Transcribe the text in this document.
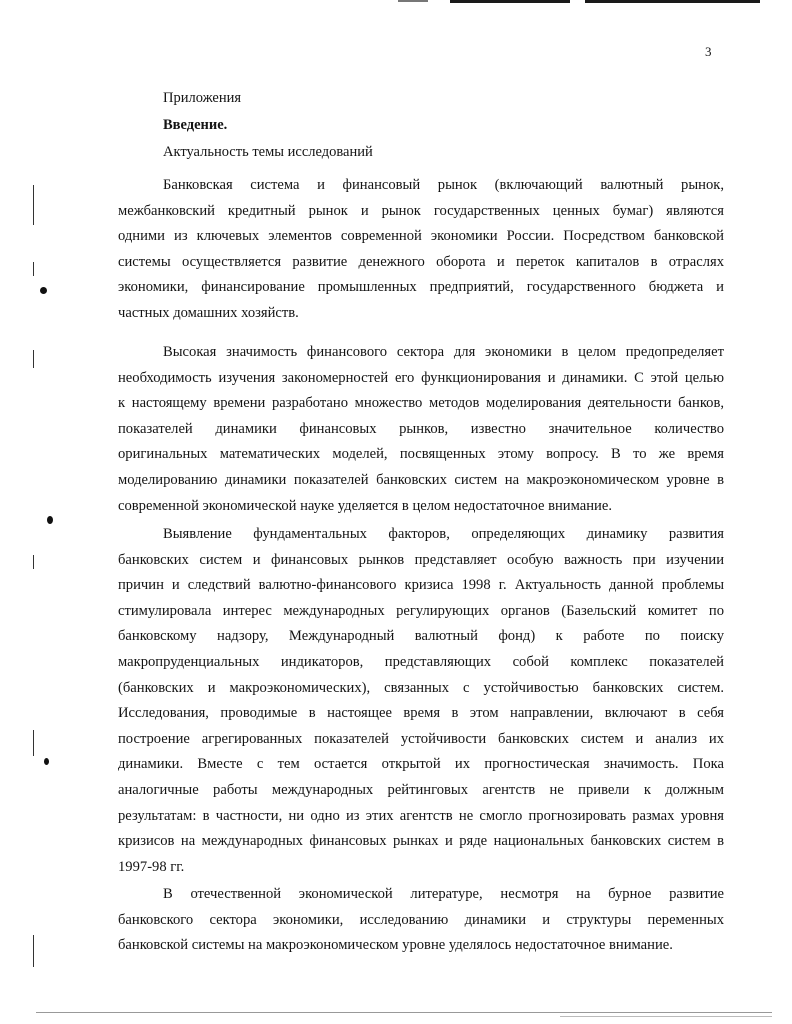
3
Приложения
Введение.
Актуальность темы исследований
Банковская система и финансовый рынок (включающий валютный рынок,
межбанковский кредитный рынок и рынок государственных ценных бумаг) являются
одними из ключевых элементов современной экономики России. Посредством банковской
системы осуществляется развитие денежного оборота и переток капиталов в отраслях
экономики, финансирование промышленных предприятий, государственного бюджета и
частных домашних хозяйств.
Высокая значимость финансового сектора для экономики в целом предопределяет
необходимость изучения закономерностей его функционирования и динамики. С этой целью
к настоящему времени разработано множество методов моделирования деятельности банков,
показателей динамики финансовых рынков, известно значительное количество
оригинальных математических моделей, посвященных этому вопросу. В то же время
моделированию динамики показателей банковских систем на макроэкономическом уровне в
современной экономической науке уделяется в целом недостаточное внимание.
Выявление фундаментальных факторов, определяющих динамику развития
банковских систем и финансовых рынков представляет особую важность при изучении
причин и следствий валютно-финансового кризиса 1998 г. Актуальность данной проблемы
стимулировала интерес международных регулирующих органов (Базельский комитет по
банковскому надзору, Международный валютный фонд) к работе по поиску
макропруденциальных индикаторов, представляющих собой комплекс показателей
(банковских и макроэкономических), связанных с устойчивостью банковских систем.
Исследования, проводимые в настоящее время в этом направлении, включают в себя
построение агрегированных показателей устойчивости банковских систем и анализ их
динамики. Вместе с тем остается открытой их прогностическая значимость. Пока
аналогичные работы международных рейтинговых агентств не привели к должным
результатам: в частности, ни одно из этих агентств не смогло прогнозировать размах уровня
кризисов на международных финансовых рынках и ряде национальных банковских систем в
1997-98 гг.
В отечественной экономической литературе, несмотря на бурное развитие
банковского сектора экономики, исследованию динамики и структуры переменных
банковской системы на макроэкономическом уровне уделялось недостаточное внимание.
